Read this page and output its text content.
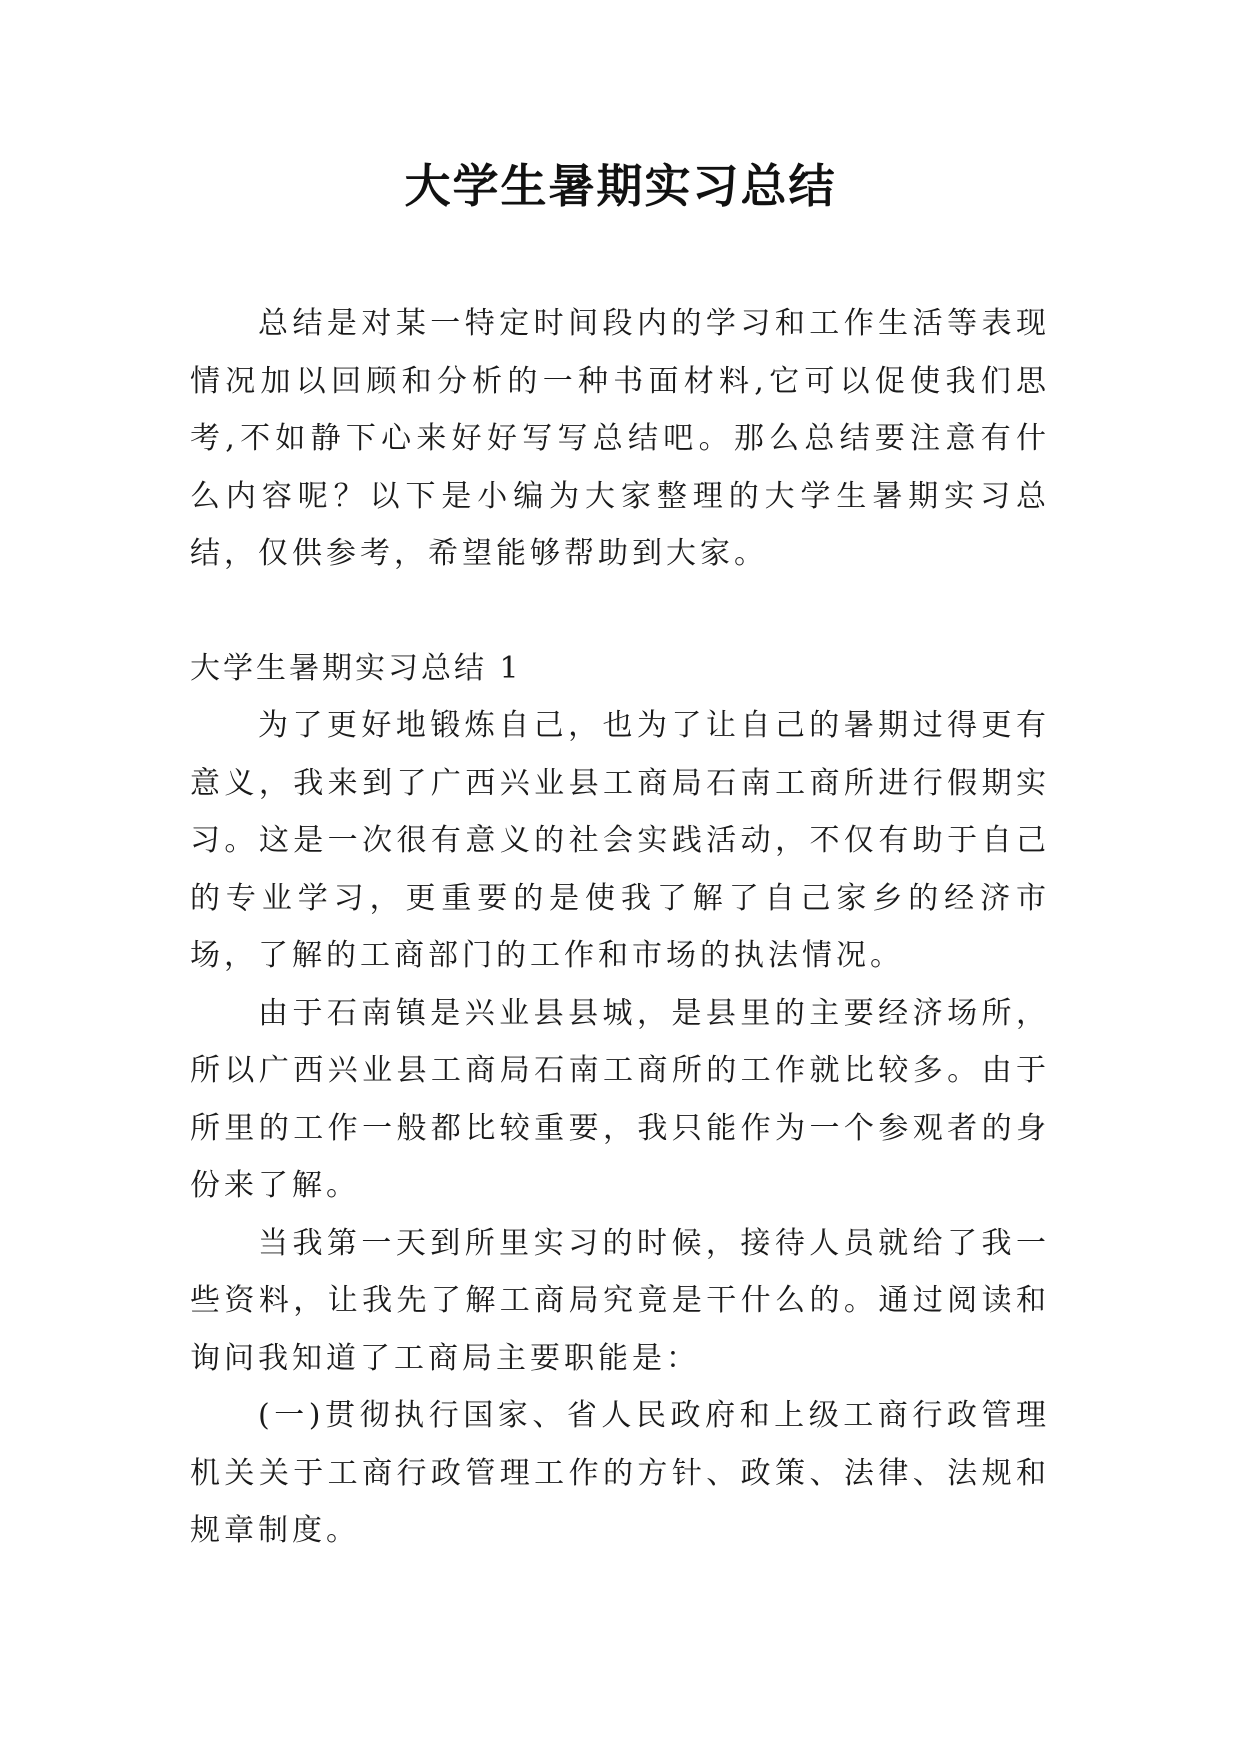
大学生暑期实习总结

总结是对某一特定时间段内的学习和工作生活等表现情况加以回顾和分析的一种书面材料,它可以促使我们思考,不如静下心来好好写写总结吧。那么总结要注意有什么内容呢？以下是小编为大家整理的大学生暑期实习总结，仅供参考，希望能够帮助到大家。

大学生暑期实习总结 1

为了更好地锻炼自己，也为了让自己的暑期过得更有意义，我来到了广西兴业县工商局石南工商所进行假期实习。这是一次很有意义的社会实践活动，不仅有助于自己的专业学习，更重要的是使我了解了自己家乡的经济市场，了解的工商部门的工作和市场的执法情况。

由于石南镇是兴业县县城，是县里的主要经济场所，所以广西兴业县工商局石南工商所的工作就比较多。由于所里的工作一般都比较重要，我只能作为一个参观者的身份来了解。

当我第一天到所里实习的时候，接待人员就给了我一些资料，让我先了解工商局究竟是干什么的。通过阅读和询问我知道了工商局主要职能是：

(一)贯彻执行国家、省人民政府和上级工商行政管理机关关于工商行政管理工作的方针、政策、法律、法规和规章制度。
